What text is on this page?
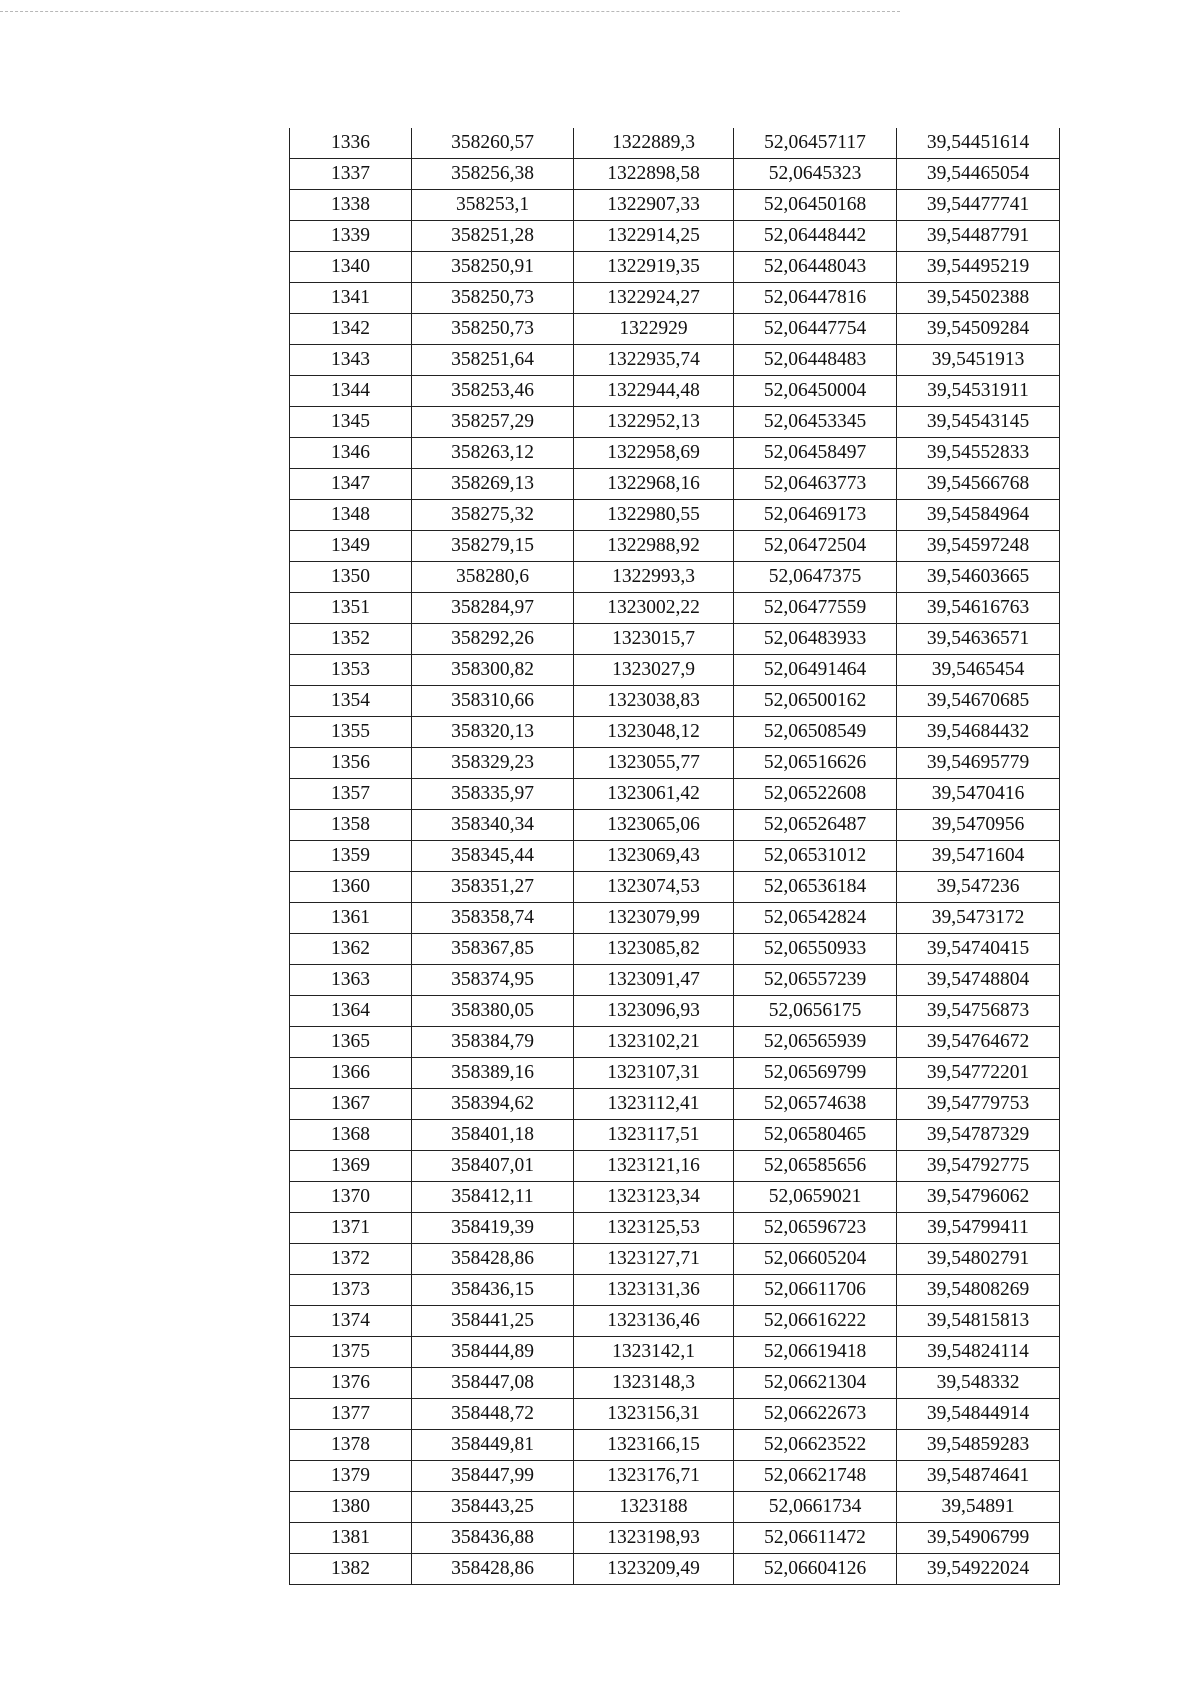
1336	358260,57	1322889,3	52,06457117	39,54451614
1337	358256,38	1322898,58	52,0645323	39,54465054
1338	358253,1	1322907,33	52,06450168	39,54477741
1339	358251,28	1322914,25	52,06448442	39,54487791
1340	358250,91	1322919,35	52,06448043	39,54495219
1341	358250,73	1322924,27	52,06447816	39,54502388
1342	358250,73	1322929	52,06447754	39,54509284
1343	358251,64	1322935,74	52,06448483	39,5451913
1344	358253,46	1322944,48	52,06450004	39,54531911
1345	358257,29	1322952,13	52,06453345	39,54543145
1346	358263,12	1322958,69	52,06458497	39,54552833
1347	358269,13	1322968,16	52,06463773	39,54566768
1348	358275,32	1322980,55	52,06469173	39,54584964
1349	358279,15	1322988,92	52,06472504	39,54597248
1350	358280,6	1322993,3	52,0647375	39,54603665
1351	358284,97	1323002,22	52,06477559	39,54616763
1352	358292,26	1323015,7	52,06483933	39,54636571
1353	358300,82	1323027,9	52,06491464	39,5465454
1354	358310,66	1323038,83	52,06500162	39,54670685
1355	358320,13	1323048,12	52,06508549	39,54684432
1356	358329,23	1323055,77	52,06516626	39,54695779
1357	358335,97	1323061,42	52,06522608	39,5470416
1358	358340,34	1323065,06	52,06526487	39,5470956
1359	358345,44	1323069,43	52,06531012	39,5471604
1360	358351,27	1323074,53	52,06536184	39,547236
1361	358358,74	1323079,99	52,06542824	39,5473172
1362	358367,85	1323085,82	52,06550933	39,54740415
1363	358374,95	1323091,47	52,06557239	39,54748804
1364	358380,05	1323096,93	52,0656175	39,54756873
1365	358384,79	1323102,21	52,06565939	39,54764672
1366	358389,16	1323107,31	52,06569799	39,54772201
1367	358394,62	1323112,41	52,06574638	39,54779753
1368	358401,18	1323117,51	52,06580465	39,54787329
1369	358407,01	1323121,16	52,06585656	39,54792775
1370	358412,11	1323123,34	52,0659021	39,54796062
1371	358419,39	1323125,53	52,06596723	39,54799411
1372	358428,86	1323127,71	52,06605204	39,54802791
1373	358436,15	1323131,36	52,06611706	39,54808269
1374	358441,25	1323136,46	52,06616222	39,54815813
1375	358444,89	1323142,1	52,06619418	39,54824114
1376	358447,08	1323148,3	52,06621304	39,548332
1377	358448,72	1323156,31	52,06622673	39,54844914
1378	358449,81	1323166,15	52,06623522	39,54859283
1379	358447,99	1323176,71	52,06621748	39,54874641
1380	358443,25	1323188	52,0661734	39,54891
1381	358436,88	1323198,93	52,06611472	39,54906799
1382	358428,86	1323209,49	52,06604126	39,54922024
